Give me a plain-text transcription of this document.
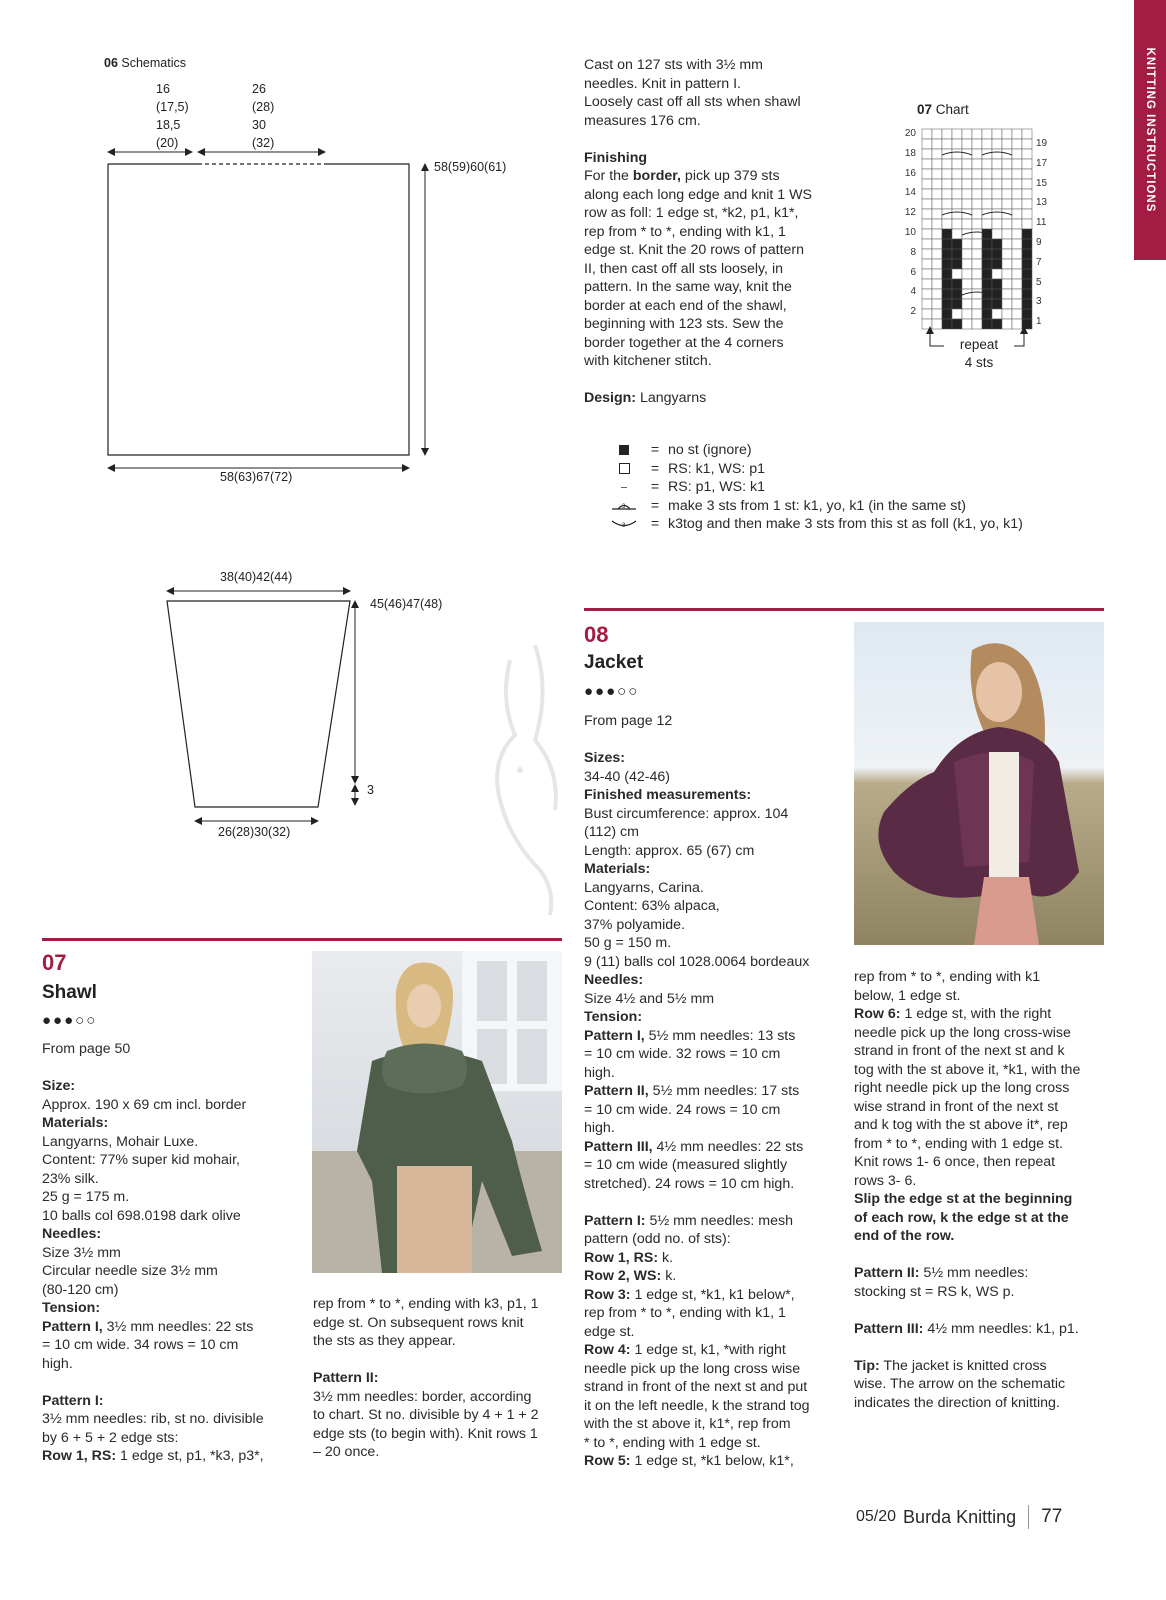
KNITTING INSTRUCTIONS
06 Schematics
16
(17,5)
18,5
(20)
26
(28)
30
(32)
58(59)60(61)
58(63)67(72)
38(40)42(44)
45(46)47(48)
3
26(28)30(32)

Cast on 127 sts with 3½ mm

needles. Knit in pattern I.

Loosely cast off all sts when shawl

measures 176 cm.

Finishing

For the border, pick up 379 sts

along each long edge and knit 1 WS

row as foll: 1 edge st, *k2, p1, k1*,

rep from * to *, ending with k1, 1

edge st. Knit the 20 rows of pattern

II, then cast off all sts loosely, in

pattern. In the same way, knit the

border at each end of the shawl,

beginning with 123 sts. Sew the

border together at the 4 corners

with kitchener stitch.

Design: Langyarns

07 Chart
20
18
16
14
12
10
8
6
4
2
19
17
15
13
11
9
7
5
3
1
repeat
4 sts
= no st (ignore)
= RS: k1, WS: p1
= RS: p1, WS: k1
3	= make 3 sts from 1 st: k1, yo, k1 (in the same st)
3	= k3tog and then make 3 sts from this st as foll (k1, yo, k1)
07
Shawl
●●●○○
From page 50

Size:

Approx. 190 x 69 cm incl. border

Materials:

Langyarns, Mohair Luxe.

Content: 77% super kid mohair,

23% silk.

25 g = 175 m.

10 balls col 698.0198 dark olive

Needles:

Size 3½ mm

Circular needle size 3½ mm

(80-120 cm)

Tension:

Pattern I, 3½ mm needles: 22 sts

= 10 cm wide. 34 rows = 10 cm

high.

Pattern I:

3½ mm needles: rib, st no. divisible

by 6 + 5 + 2 edge sts:

Row 1, RS: 1 edge st, p1, *k3, p3*,

rep from * to *, ending with k3, p1, 1

edge st. On subsequent rows knit

the sts as they appear.

Pattern II:

3½ mm needles: border, according

to chart. St no. divisible by 4 + 1 + 2

edge sts (to begin with). Knit rows 1

– 20 once.

08
Jacket
●●●○○
From page 12

Sizes:

34-40 (42-46)

Finished measurements:

Bust circumference: approx. 104

(112) cm

Length: approx. 65 (67) cm

Materials:

Langyarns, Carina.

Content: 63% alpaca,

37% polyamide.

50 g = 150 m.

9 (11) balls col 1028.0064 bordeaux

Needles:

Size 4½ and 5½ mm

Tension:

Pattern I, 5½ mm needles: 13 sts

= 10 cm wide. 32 rows = 10 cm

high.

Pattern II, 5½ mm needles: 17 sts

= 10 cm wide. 24 rows = 10 cm

high.

Pattern III, 4½ mm needles: 22 sts

= 10 cm wide (measured slightly

stretched). 24 rows = 10 cm high.

Pattern I: 5½ mm needles: mesh

pattern (odd no. of sts):

Row 1, RS: k.

Row 2, WS: k.

Row 3: 1 edge st, *k1, k1 below*,

rep from * to *, ending with k1, 1

edge st.

Row 4: 1 edge st, k1, *with right

needle pick up the long cross wise

strand in front of the next st and put

it on the left needle, k the strand tog

with the st above it, k1*, rep from

* to *, ending with 1 edge st.

Row 5: 1 edge st, *k1 below, k1*,

rep from * to *, ending with k1

below, 1 edge st.

Row 6: 1 edge st, with the right

needle pick up the long cross-wise

strand in front of the next st and k

tog with the st above it, *k1, with the

right needle pick up the long cross

wise strand in front of the next st

and k tog with the st above it*, rep

from * to *, ending with 1 edge st.

Knit rows 1- 6 once, then repeat

rows 3- 6.

Slip the edge st at the beginning

of each row, k the edge st at the

end of the row.

Pattern II: 5½ mm needles:

stocking st = RS k, WS p.

Pattern III: 4½ mm needles: k1, p1.

Tip: The jacket is knitted cross

wise. The arrow on the schematic

indicates the direction of knitting.

05/20 Burda Knitting 77
